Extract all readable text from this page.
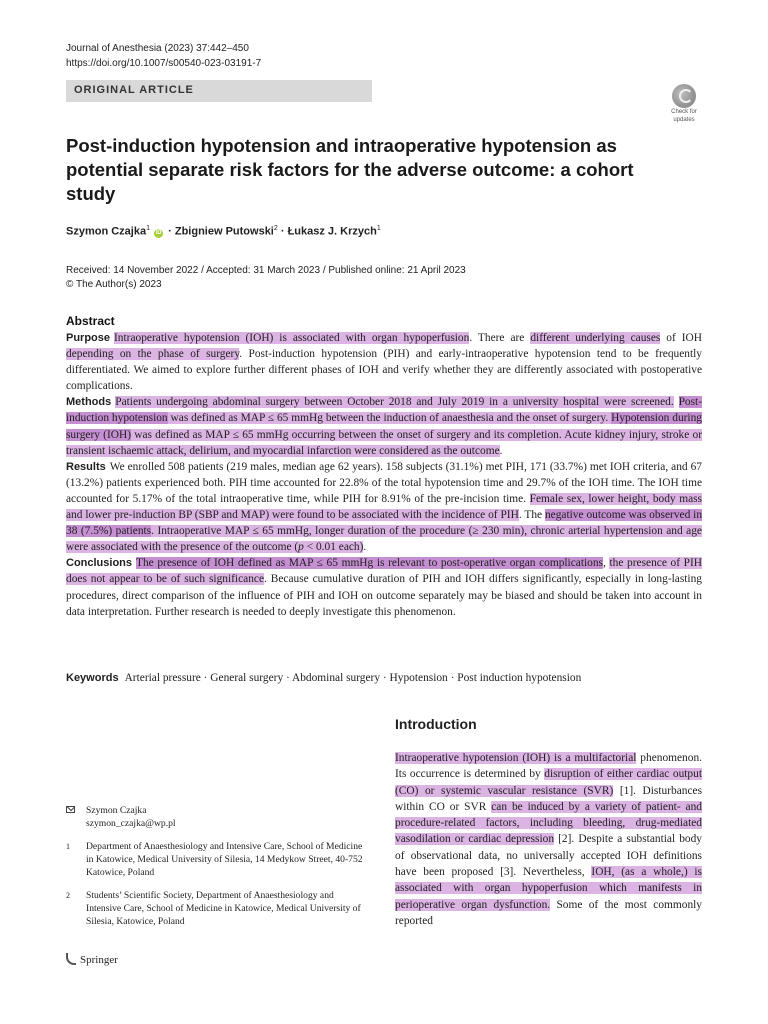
Journal of Anesthesia (2023) 37:442–450
https://doi.org/10.1007/s00540-023-03191-7
ORIGINAL ARTICLE
Check for
updates
Post-induction hypotension and intraoperative hypotension as potential separate risk factors for the adverse outcome: a cohort study
Szymon Czajka$^1$ iD · Zbigniew Putowski$^2$ · Łukasz J. Krzych$^1$
Received: 14 November 2022 / Accepted: 31 March 2023 / Published online: 21 April 2023
© The Author(s) 2023
Abstract

Purpose Intraoperative hypotension (IOH) is associated with organ hypoperfusion. There are different underlying causes of IOH depending on the phase of surgery. Post-induction hypotension (PIH) and early-intraoperative hypotension tend to be frequently differentiated. We aimed to explore further different phases of IOH and verify whether they are differently associated with postoperative complications.

Methods Patients undergoing abdominal surgery between October 2018 and July 2019 in a university hospital were screened. Post-induction hypotension was defined as MAP ≤ 65 mmHg between the induction of anaesthesia and the onset of surgery. Hypotension during surgery (IOH) was defined as MAP ≤ 65 mmHg occurring between the onset of surgery and its completion. Acute kidney injury, stroke or transient ischaemic attack, delirium, and myocardial infarction were considered as the outcome.

Results We enrolled 508 patients (219 males, median age 62 years). 158 subjects (31.1%) met PIH, 171 (33.7%) met IOH criteria, and 67 (13.2%) patients experienced both. PIH time accounted for 22.8% of the total hypotension time and 29.7% of the IOH time. The IOH time accounted for 5.17% of the total intraoperative time, while PIH for 8.91% of the pre-incision time. Female sex, lower height, body mass and lower pre-induction BP (SBP and MAP) were found to be associated with the incidence of PIH. The negative outcome was observed in 38 (7.5%) patients. Intraoperative MAP ≤ 65 mmHg, longer duration of the procedure (≥ 230 min), chronic arterial hypertension and age were associated with the presence of the outcome (p < 0.01 each).

Conclusions The presence of IOH defined as MAP ≤ 65 mmHg is relevant to post-operative organ complications, the presence of PIH does not appear to be of such significance. Because cumulative duration of PIH and IOH differs significantly, especially in long-lasting procedures, direct comparison of the influence of PIH and IOH on outcome separately may be biased and should be taken into account in data interpretation. Further research is needed to deeply investigate this phenomenon.

Keywords Arterial pressure · General surgery · Abdominal surgery · Hypotension · Post induction hypotension
Introduction

Intraoperative hypotension (IOH) is a multifactorial phenomenon. Its occurrence is determined by disruption of either cardiac output (CO) or systemic vascular resistance (SVR) [1]. Disturbances within CO or SVR can be induced by a variety of patient- and procedure-related factors, including bleeding, drug-mediated vasodilation or cardiac depression [2]. Despite a substantial body of observational data, no universally accepted IOH definitions have been proposed [3]. Nevertheless, IOH, (as a whole,) is associated with organ hypoperfusion which manifests in perioperative organ dysfunction. Some of the most commonly reported

Szymon Czajka
szymon_czajka@wp.pl
1 Department of Anaesthesiology and Intensive Care, School of Medicine in Katowice, Medical University of Silesia, 14 Medykow Street, 40-752 Katowice, Poland
2 Students’ Scientific Society, Department of Anaesthesiology and Intensive Care, School of Medicine in Katowice, Medical University of Silesia, Katowice, Poland
Springer
